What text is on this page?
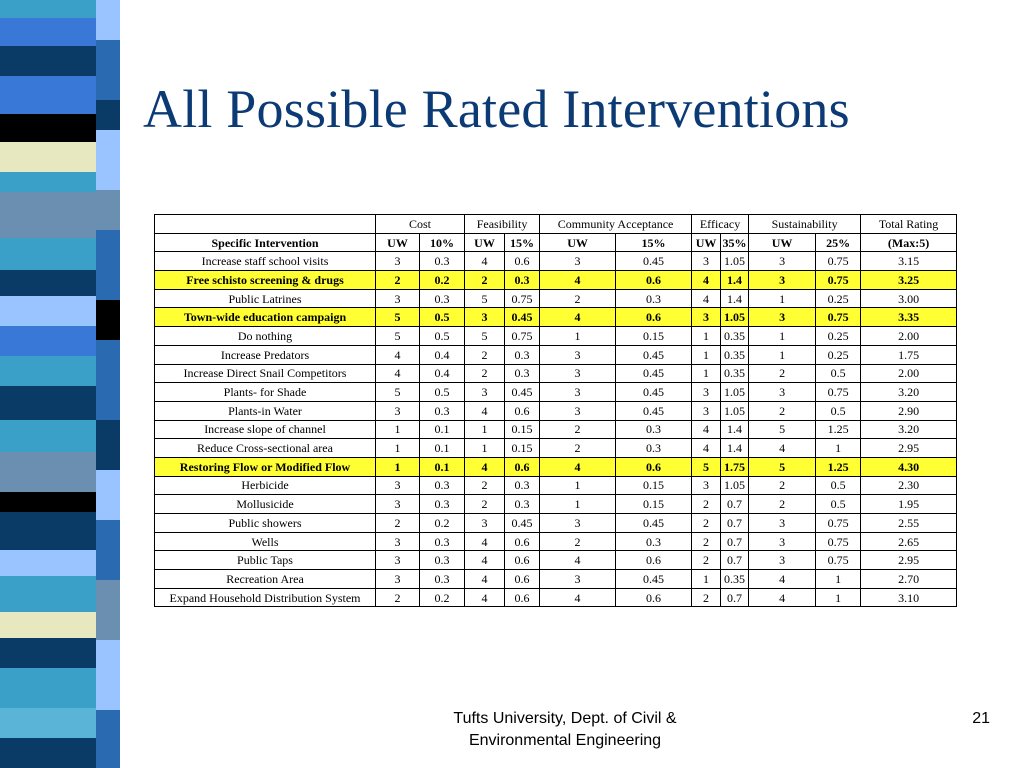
All Possible Rated Interventions
	Cost		Feasibility		Community Acceptance		Efficacy		Sustainability		Total Rating
Specific Intervention	UW	10%	UW	15%	UW	15%	UW	35%	UW	25%	(Max:5)
Increase staff school visits	3	0.3	4	0.6	3	0.45	3	1.05	3	0.75	3.15
Free schisto screening & drugs	2	0.2	2	0.3	4	0.6	4	1.4	3	0.75	3.25
Public Latrines	3	0.3	5	0.75	2	0.3	4	1.4	1	0.25	3.00
Town-wide education campaign	5	0.5	3	0.45	4	0.6	3	1.05	3	0.75	3.35
Do nothing	5	0.5	5	0.75	1	0.15	1	0.35	1	0.25	2.00
Increase Predators	4	0.4	2	0.3	3	0.45	1	0.35	1	0.25	1.75
Increase Direct Snail Competitors	4	0.4	2	0.3	3	0.45	1	0.35	2	0.5	2.00
Plants- for Shade	5	0.5	3	0.45	3	0.45	3	1.05	3	0.75	3.20
Plants-in Water	3	0.3	4	0.6	3	0.45	3	1.05	2	0.5	2.90
Increase slope of channel	1	0.1	1	0.15	2	0.3	4	1.4	5	1.25	3.20
Reduce Cross-sectional area	1	0.1	1	0.15	2	0.3	4	1.4	4	1	2.95
Restoring Flow or Modified Flow	1	0.1	4	0.6	4	0.6	5	1.75	5	1.25	4.30
Herbicide	3	0.3	2	0.3	1	0.15	3	1.05	2	0.5	2.30
Mollusicide	3	0.3	2	0.3	1	0.15	2	0.7	2	0.5	1.95
Public showers	2	0.2	3	0.45	3	0.45	2	0.7	3	0.75	2.55
Wells	3	0.3	4	0.6	2	0.3	2	0.7	3	0.75	2.65
Public Taps	3	0.3	4	0.6	4	0.6	2	0.7	3	0.75	2.95
Recreation Area	3	0.3	4	0.6	3	0.45	1	0.35	4	1	2.70
Expand Household Distribution System	2	0.2	4	0.6	4	0.6	2	0.7	4	1	3.10
Tufts University, Dept. of Civil &
Environmental Engineering
21
